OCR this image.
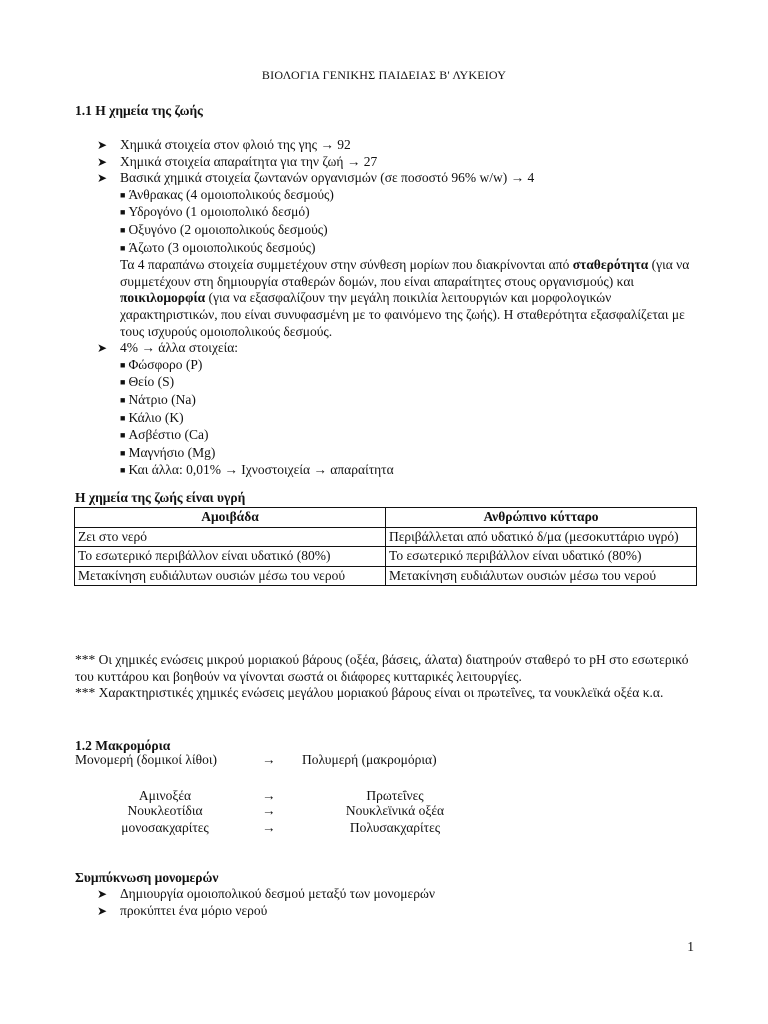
ΒΙΟΛΟΓΙΑ ΓΕΝΙΚΗΣ ΠΑΙΔΕΙΑΣ Β' ΛΥΚΕΙΟΥ
1.1 Η χημεία της ζωής
➤ Χημικά στοιχεία στον φλοιό της γης → 92
➤ Χημικά στοιχεία απαραίτητα για την ζωή → 27
➤ Βασικά χημικά στοιχεία ζωντανών οργανισμών (σε ποσοστό 96% w/w) → 4
■ Άνθρακας (4 ομοιοπολικούς δεσμούς)
■ Υδρογόνο (1 ομοιοπολικό δεσμό)
■ Οξυγόνο (2 ομοιοπολικούς δεσμούς)
■ Άζωτο (3 ομοιοπολικούς δεσμούς)
Τα 4 παραπάνω στοιχεία συμμετέχουν στην σύνθεση μορίων που διακρίνονται από σταθερότητα (για να συμμετέχουν στη δημιουργία σταθερών δομών, που είναι απαραίτητες στους οργανισμούς) και ποικιλομορφία (για να εξασφαλίζουν την μεγάλη ποικιλία λειτουργιών και μορφολογικών χαρακτηριστικών, που είναι συνυφασμένη με το φαινόμενο της ζωής). Η σταθερότητα εξασφαλίζεται με τους ισχυρούς ομοιοπολικούς δεσμούς.
➤ 4% → άλλα στοιχεία:
■ Φώσφορο (P)
■ Θείο (S)
■ Νάτριο (Na)
■ Κάλιο (K)
■ Ασβέστιο (Ca)
■ Μαγνήσιο (Mg)
■ Και άλλα: 0,01% → Ιχνοστοιχεία → απαραίτητα
Η χημεία της ζωής είναι υγρή
Αμοιβάδα	Ανθρώπινο κύτταρο
Ζει στο νερό	Περιβάλλεται από υδατικό δ/μα (μεσοκυττάριο υγρό)
Το εσωτερικό περιβάλλον είναι υδατικό (80%)	Το εσωτερικό περιβάλλον είναι υδατικό (80%)
Μετακίνηση ευδιάλυτων ουσιών μέσω του νερού	Μετακίνηση ευδιάλυτων ουσιών μέσω του νερού
*** Οι χημικές ενώσεις μικρού μοριακού βάρους (οξέα, βάσεις, άλατα) διατηρούν σταθερό το pH στο εσωτερικό του κυττάρου και βοηθούν να γίνονται σωστά οι διάφορες κυτταρικές λειτουργίες.
*** Χαρακτηριστικές χημικές ενώσεις μεγάλου μοριακού βάρους είναι οι πρωτεΐνες, τα νουκλεϊκά οξέα κ.α.
1.2 Μακρομόρια
Μονομερή (δομικοί λίθοι)	→ Πολυμερή (μακρομόρια)
Αμινοξέα	→	Πρωτεΐνες
Νουκλεοτίδια	→	Νουκλεϊνικά οξέα
μονοσακχαρίτες	→	Πολυσακχαρίτες
Συμπύκνωση μονομερών
➤ Δημιουργία ομοιοπολικού δεσμού μεταξύ των μονομερών
➤ προκύπτει ένα μόριο νερού
1
